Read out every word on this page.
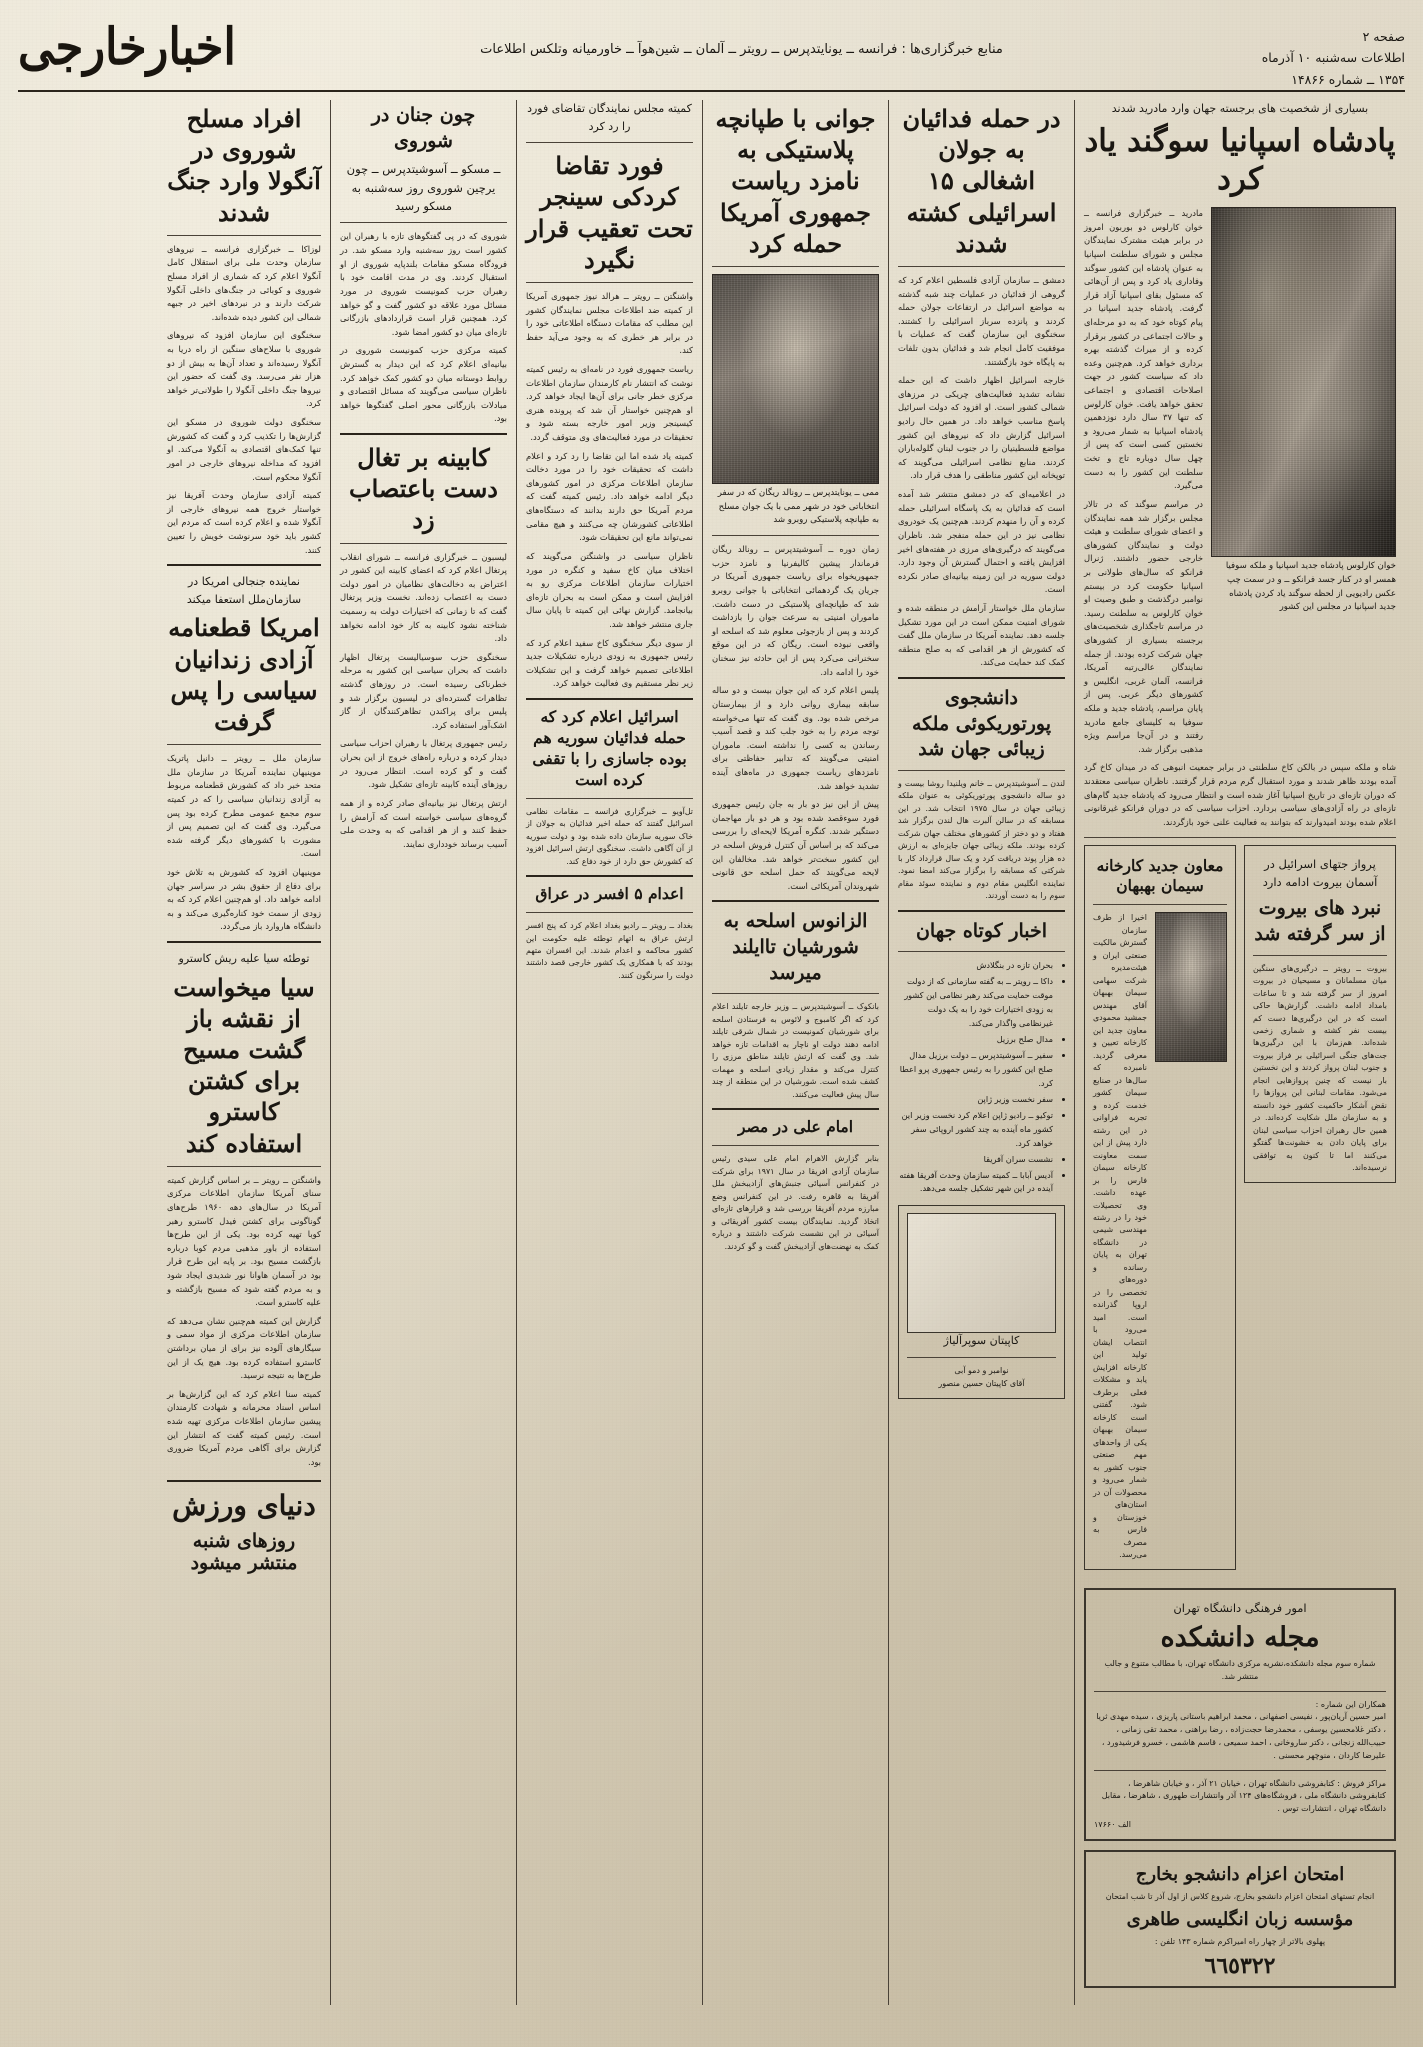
صفحه ۲
اطلاعات سه‌شنبه ۱۰ آذرماه
۱۳۵۴ ــ شماره ۱۴۸۶۶
منابع خبرگزاری‌ها : فرانسه ــ یونایتدپرس ــ رویتر ــ آلمان ــ شین‌هوآ ــ خاورمیانه وتلکس اطلاعات
اخبارخارجی
بسیاری از شخصیت های برجسته جهان وارد مادرید شدند
پادشاه اسپانیا سوگند یاد کرد
خوان کارلوس پادشاه جدید اسپانیا و ملکه سوفیا همسر او در کنار جسد فرانکو ــ و در سمت چپ عکس رادیویی از لحظه سوگند یاد کردن پادشاه جدید اسپانیا در مجلس این کشور
مادرید ــ خبرگزاری فرانسه ــ خوان کارلوس دو بوربون امروز در برابر هیئت مشترک نمایندگان مجلس و شورای سلطنت اسپانیا به عنوان پادشاه این کشور سوگند وفاداری یاد کرد و پس از آن‌هائی که مسئول بقای اسپانیا آزاد قرار گرفت. پادشاه جدید اسپانیا در پیام کوتاه خود که به دو مرحله‌ای و حالات اجتماعی در کشور برقرار کرده و از میراث گذشته بهره برداری خواهد کرد. هم‌چنین وعده داد که سیاست کشور در جهت اصلاحات اقتصادی و اجتماعی تحقق خواهد یافت. خوان کارلوس که تنها ۳۷ سال دارد نوزدهمین پادشاه اسپانیا به شمار می‌رود و نخستین کسی است که پس از چهل سال دوباره تاج و تخت سلطنت این کشور را به دست می‌گیرد.
در مراسم سوگند که در تالار مجلس برگزار شد همه نمایندگان و اعضای شورای سلطنت و هیئت دولت و نمایندگان کشورهای خارجی حضور داشتند. ژنرال فرانکو که سال‌های طولانی بر اسپانیا حکومت کرد در بیستم نوامبر درگذشت و طبق وصیت او خوان کارلوس به سلطنت رسید. در مراسم تاجگذاری شخصیت‌های برجسته بسیاری از کشورهای جهان شرکت کرده بودند. از جمله نمایندگان عالی‌رتبه آمریکا، فرانسه، آلمان غربی، انگلیس و کشورهای دیگر عربی. پس از پایان مراسم، پادشاه جدید و ملکه سوفیا به کلیسای جامع مادرید رفتند و در آن‌جا مراسم ویژه مذهبی برگزار شد.
شاه و ملکه سپس در بالکن کاخ سلطنتی در برابر جمعیت انبوهی که در میدان کاخ گرد آمده بودند ظاهر شدند و مورد استقبال گرم مردم قرار گرفتند. ناظران سیاسی معتقدند که دوران تازه‌ای در تاریخ اسپانیا آغاز شده است و انتظار می‌رود که پادشاه جدید گام‌های تازه‌ای در راه آزادی‌های سیاسی بردارد. احزاب سیاسی که در دوران فرانکو غیرقانونی اعلام شده بودند امیدوارند که بتوانند به فعالیت علنی خود بازگردند.
پرواز جتهای اسرائیل در آسمان بیروت ادامه دارد
نبرد های بیروت از سر گرفته شد
بیروت ــ رویتر ــ درگیری‌های سنگین میان مسلمانان و مسیحیان در بیروت امروز از سر گرفته شد و تا ساعات بامداد ادامه داشت. گزارش‌ها حاکی است که در این درگیری‌ها دست کم بیست نفر کشته و شماری زخمی شده‌اند. هم‌زمان با این درگیری‌ها جت‌های جنگی اسرائیلی بر فراز بیروت و جنوب لبنان پرواز کردند و این نخستین بار نیست که چنین پروازهایی انجام می‌شود. مقامات لبنانی این پروازها را نقض آشکار حاکمیت کشور خود دانسته و به سازمان ملل شکایت کرده‌اند. در همین حال رهبران احزاب سیاسی لبنان برای پایان دادن به خشونت‌ها گفتگو می‌کنند اما تا کنون به توافقی نرسیده‌اند.
معاون جدید کارخانه سیمان بهبهان
اخیرا از طرف سازمان گسترش مالکیت صنعتی ایران و هیئت‌مدیره شرکت سهامی سیمان بهبهان آقای مهندس جمشید محمودی معاون جدید این کارخانه تعیین و معرفی گردید. نامبرده که سال‌ها در صنایع سیمان کشور خدمت کرده و تجربه فراوانی در این رشته دارد پیش از این سمت معاونت کارخانه سیمان فارس را بر عهده داشت. وی تحصیلات خود را در رشته مهندسی شیمی در دانشگاه تهران به پایان رسانده و دوره‌های تخصصی را در اروپا گذرانده است. امید می‌رود با انتصاب ایشان تولید این کارخانه افزایش یابد و مشکلات فعلی برطرف شود. گفتنی است کارخانه سیمان بهبهان یکی از واحدهای مهم صنعتی جنوب کشور به شمار می‌رود و محصولات آن در استان‌های خوزستان و فارس به مصرف می‌رسد.
امور فرهنگی دانشگاه تهران
مجله دانشکده
شماره سوم مجله دانشکده،نشریه مرکزی دانشگاه تهران، با مطالب متنوع و جالب منتشر شد.
همکاران این شماره :
امیر حسین آریان‌پور ، نفیسی اصفهانی ، محمد ابراهیم باستانی پاریزی ، سیده مهدی ثریا ، دکتر غلامحسین یوسفی ، محمدرضا حجت‌زاده ، رضا براهنی ، محمد تقی زمانی ، حبیب‌الله زنجانی ، دکتر ساروخانی ، احمد سمیعی ، قاسم هاشمی ، خسرو فرشیدورد ، علیرضا کاردان ، منوچهر محسنی .
مراکز فروش : کتابفروشی دانشگاه تهران ، خیابان ۲۱ آذر ، و خیابان شاهرضا ، کتابفروشی دانشگاه ملی ، فروشگاه‌های ۱۲۴ آذر وانتشارات طهوری ، شاهرضا ، مقابل دانشگاه تهران ، انتشارات توس .
الف ۱۷۶۶۰
امتحان اعزام دانشجو بخارج
انجام تستهای امتحان اعزام دانشجو بخارج، شروع کلاس از اول آذر تا شب امتحان
مؤسسه زبان انگلیسی طاهری
پهلوی بالاتر از چهار راه امیراکرم شماره ۱۴۳ تلفن :
٦٦٥٣٢٢
در حمله فدائیان به جولان اشغالی ۱۵ اسرائیلی کشته شدند
دمشق ــ سازمان آزادی فلسطین اعلام کرد که گروهی از فدائیان در عملیات چند شبه گذشته به مواضع اسرائیل در ارتفاعات جولان حمله کردند و پانزده سرباز اسرائیلی را کشتند. سخنگوی این سازمان گفت که عملیات با موفقیت کامل انجام شد و فدائیان بدون تلفات به پایگاه خود بازگشتند.
خارجه اسرائیل اظهار داشت که این حمله نشانه تشدید فعالیت‌های چریکی در مرزهای شمالی کشور است. او افزود که دولت اسرائیل پاسخ مناسب خواهد داد. در همین حال رادیو اسرائیل گزارش داد که نیروهای این کشور مواضع فلسطینیان را در جنوب لبنان گلوله‌باران کردند. منابع نظامی اسرائیلی می‌گویند که توپخانه این کشور مناطقی را هدف قرار داد.
در اعلامیه‌ای که در دمشق منتشر شد آمده است که فدائیان به یک پاسگاه اسرائیلی حمله کرده و آن را منهدم کردند. هم‌چنین یک خودروی نظامی نیز در این حمله منفجر شد. ناظران می‌گویند که درگیری‌های مرزی در هفته‌های اخیر افزایش یافته و احتمال گسترش آن وجود دارد. دولت سوریه در این زمینه بیانیه‌ای صادر نکرده است.
سازمان ملل خواستار آرامش در منطقه شده و شورای امنیت ممکن است در این مورد تشکیل جلسه دهد. نماینده آمریکا در سازمان ملل گفت که کشورش از هر اقدامی که به صلح منطقه کمک کند حمایت می‌کند.
دانشجوی پورتوریکوئی ملکه زیبائی جهان شد
لندن ــ آسوشیتدپرس ــ خانم ویلنیدا روشا بیست و دو ساله دانشجوی پورتوریکوئی به عنوان ملکه زیبائی جهان در سال ۱۹۷۵ انتخاب شد. در این مسابقه که در سالن آلبرت هال لندن برگزار شد هفتاد و دو دختر از کشورهای مختلف جهان شرکت کرده بودند. ملکه زیبائی جهان جایزه‌ای به ارزش ده هزار پوند دریافت کرد و یک سال قرارداد کار با شرکتی که مسابقه را برگزار می‌کند امضا نمود. نماینده انگلیس مقام دوم و نماینده سوئد مقام سوم را به دست آوردند.
اخبار کوتاه جهان
• بحران تازه در بنگلادش
• داکا ــ رویتر ــ به گفته سازمانی که از دولت موقت حمایت می‌کند رهبر نظامی این کشور به زودی اختیارات خود را به یک دولت غیرنظامی واگذار می‌کند.
• مدال صلح برزیل
• سفیر ــ آسوشیتدپرس ــ دولت برزیل مدال صلح این کشور را به رئیس جمهوری پرو اعطا کرد.
• سفر نخست وزیر ژاپن
• توکیو ــ رادیو ژاپن اعلام کرد نخست وزیر این کشور ماه آینده به چند کشور اروپائی سفر خواهد کرد.
• نشست سران آفریقا
• آدیس آبابا ــ کمیته سازمان وحدت آفریقا هفته آینده در این شهر تشکیل جلسه می‌دهد.
کاپیتان سوپرآلیاژ
نوامبر و دمو آبی
آقای کاپیتان حسین منصور
جوانی با طپانچه پلاستیکی به نامزد ریاست جمهوری آمریکا حمله کرد
ممی ــ یونایتدپرس ــ رونالد ریگان که در سفر انتخاباتی خود در شهر ممی با یک جوان مسلح به طپانچه پلاستیکی روبرو شد
زمان دوره ــ آسوشیتدپرس ــ رونالد ریگان فرماندار پیشین کالیفرنیا و نامزد حزب جمهوریخواه برای ریاست جمهوری آمریکا در جریان یک گردهمائی انتخاباتی با جوانی روبرو شد که طپانچه‌ای پلاستیکی در دست داشت. ماموران امنیتی به سرعت جوان را بازداشت کردند و پس از بازجوئی معلوم شد که اسلحه او واقعی نبوده است. ریگان که در این موقع سخنرانی می‌کرد پس از این حادثه نیز سخنان خود را ادامه داد.
پلیس اعلام کرد که این جوان بیست و دو ساله سابقه بیماری روانی دارد و از بیمارستان مرخص شده بود. وی گفت که تنها می‌خواسته توجه مردم را به خود جلب کند و قصد آسیب رساندن به کسی را نداشته است. ماموران امنیتی می‌گویند که تدابیر حفاظتی برای نامزدهای ریاست جمهوری در ماه‌های آینده تشدید خواهد شد.
پیش از این نیز دو بار به جان رئیس جمهوری فورد سوءقصد شده بود و هر دو بار مهاجمان دستگیر شدند. کنگره آمریکا لایحه‌ای را بررسی می‌کند که بر اساس آن کنترل فروش اسلحه در این کشور سخت‌تر خواهد شد. مخالفان این لایحه می‌گویند که حمل اسلحه حق قانونی شهروندان آمریکائی است.
الزانوس اسلحه به شورشیان تاایلند میرسد
بانکوک ــ آسوشیتدپرس ــ وزیر خارجه تایلند اعلام کرد که اگر کامبوج و لائوس به فرستادن اسلحه برای شورشیان کمونیست در شمال شرقی تایلند ادامه دهند دولت او ناچار به اقدامات تازه خواهد شد. وی گفت که ارتش تایلند مناطق مرزی را کنترل می‌کند و مقدار زیادی اسلحه و مهمات کشف شده است. شورشیان در این منطقه از چند سال پیش فعالیت می‌کنند.
امام علی در مصر
بنابر گزارش الاهرام امام علی سیدی رئیس سازمان آزادی افریقا در سال ۱۹۷۱ برای شرکت در کنفرانس آسیائی جنبش‌های آزادیبخش ملل آفریقا به قاهره رفت. در این کنفرانس وضع مبارزه مردم آفریقا بررسی شد و قرارهای تازه‌ای اتخاذ گردید. نمایندگان بیست کشور آفریقائی و آسیائی در این نشست شرکت داشتند و درباره کمک به نهضت‌های آزادیبخش گفت و گو کردند.
کمیته مجلس نمایندگان تقاضای فورد را رد کرد
فورد تقاضا کردکی سینجر تحت تعقیب قرار نگیرد
واشنگتن ــ رویتر ــ هرالد نیوز جمهوری آمریکا از کمیته ضد اطلاعات مجلس نمایندگان کشور این مطلب که مقامات دستگاه اطلاعاتی خود را در برابر هر خطری که به وجود می‌آید حفظ کند.
ریاست جمهوری فورد در نامه‌ای به رئیس کمیته نوشت که انتشار نام کارمندان سازمان اطلاعات مرکزی خطر جانی برای آن‌ها ایجاد خواهد کرد. او هم‌چنین خواستار آن شد که پرونده هنری کیسینجر وزیر امور خارجه بسته شود و تحقیقات در مورد فعالیت‌های وی متوقف گردد.
کمیته یاد شده اما این تقاضا را رد کرد و اعلام داشت که تحقیقات خود را در مورد دخالت سازمان اطلاعات مرکزی در امور کشورهای دیگر ادامه خواهد داد. رئیس کمیته گفت که مردم آمریکا حق دارند بدانند که دستگاه‌های اطلاعاتی کشورشان چه می‌کنند و هیچ مقامی نمی‌تواند مانع این تحقیقات شود.
ناظران سیاسی در واشنگتن می‌گویند که اختلاف میان کاخ سفید و کنگره در مورد اختیارات سازمان اطلاعات مرکزی رو به افزایش است و ممکن است به بحران تازه‌ای بیانجامد. گزارش نهائی این کمیته تا پایان سال جاری منتشر خواهد شد.
از سوی دیگر سخنگوی کاخ سفید اعلام کرد که رئیس جمهوری به زودی درباره تشکیلات جدید اطلاعاتی تصمیم خواهد گرفت و این تشکیلات زیر نظر مستقیم وی فعالیت خواهد کرد.
اسرائیل اعلام کرد که حمله فدائیان سوریه هم بوده جاسازی را با تقفی کرده است
تل‌آویو ــ خبرگزاری فرانسه ــ مقامات نظامی اسرائیل گفتند که حمله اخیر فدائیان به جولان از خاک سوریه سازمان داده شده بود و دولت سوریه از آن آگاهی داشت. سخنگوی ارتش اسرائیل افزود که کشورش حق دارد از خود دفاع کند.
اعدام ۵ افسر در عراق
بغداد ــ رویتر ــ رادیو بغداد اعلام کرد که پنج افسر ارتش عراق به اتهام توطئه علیه حکومت این کشور محاکمه و اعدام شدند. این افسران متهم بودند که با همکاری یک کشور خارجی قصد داشتند دولت را سرنگون کنند.
چون جنان در شوروی
ــ مسکو ــ آسوشیتدپرس ــ چون یرچین شوروی روز سه‌شنبه به مسکو رسید
شوروی که در پی گفتگوهای تازه با رهبران این کشور است روز سه‌شنبه وارد مسکو شد. در فرودگاه مسکو مقامات بلندپایه شوروی از او استقبال کردند. وی در مدت اقامت خود با رهبران حزب کمونیست شوروی در مورد مسائل مورد علاقه دو کشور گفت و گو خواهد کرد. همچنین قرار است قراردادهای بازرگانی تازه‌ای میان دو کشور امضا شود.
کمیته مرکزی حزب کمونیست شوروی در بیانیه‌ای اعلام کرد که این دیدار به گسترش روابط دوستانه میان دو کشور کمک خواهد کرد. ناظران سیاسی می‌گویند که مسائل اقتصادی و مبادلات بازرگانی محور اصلی گفتگوها خواهد بود.
کابینه بر تغال دست باعتصاب زد
لیسبون ــ خبرگزاری فرانسه ــ شورای انقلاب پرتغال اعلام کرد که اعضای کابینه این کشور در اعتراض به دخالت‌های نظامیان در امور دولت دست به اعتصاب زده‌اند. نخست وزیر پرتغال گفت که تا زمانی که اختیارات دولت به رسمیت شناخته نشود کابینه به کار خود ادامه نخواهد داد.
سخنگوی حزب سوسیالیست پرتغال اظهار داشت که بحران سیاسی این کشور به مرحله خطرناکی رسیده است. در روزهای گذشته تظاهرات گسترده‌ای در لیسبون برگزار شد و پلیس برای پراکندن تظاهرکنندگان از گاز اشک‌آور استفاده کرد.
رئیس جمهوری پرتغال با رهبران احزاب سیاسی دیدار کرده و درباره راه‌های خروج از این بحران گفت و گو کرده است. انتظار می‌رود در روزهای آینده کابینه تازه‌ای تشکیل شود.
ارتش پرتغال نیز بیانیه‌ای صادر کرده و از همه گروه‌های سیاسی خواسته است که آرامش را حفظ کنند و از هر اقدامی که به وحدت ملی آسیب برساند خودداری نمایند.
افراد مسلح شوروی در آنگولا وارد جنگ شدند
لوزاکا ــ خبرگزاری فرانسه ــ نیروهای سازمان وحدت ملی برای استقلال کامل آنگولا اعلام کرد که شماری از افراد مسلح شوروی و کوبائی در جنگ‌های داخلی آنگولا شرکت دارند و در نبردهای اخیر در جبهه شمالی این کشور دیده شده‌اند.
سخنگوی این سازمان افزود که نیروهای شوروی با سلاح‌های سنگین از راه دریا به آنگولا رسیده‌اند و تعداد آن‌ها به بیش از دو هزار نفر می‌رسد. وی گفت که حضور این نیروها جنگ داخلی آنگولا را طولانی‌تر خواهد کرد.
سخنگوی دولت شوروی در مسکو این گزارش‌ها را تکذیب کرد و گفت که کشورش تنها کمک‌های اقتصادی به آنگولا می‌کند. او افزود که مداخله نیروهای خارجی در امور آنگولا محکوم است.
کمیته آزادی سازمان وحدت آفریقا نیز خواستار خروج همه نیروهای خارجی از آنگولا شده و اعلام کرده است که مردم این کشور باید خود سرنوشت خویش را تعیین کنند.
نماینده جنجالی امریکا در سازمان‌ملل استعفا میکند
امریکا قطعنامه آزادی زندانیان سیاسی را پس گرفت
سازمان ملل ــ رویتر ــ دانیل پاتریک موینیهان نماینده آمریکا در سازمان ملل متحد خبر داد که کشورش قطعنامه مربوط به آزادی زندانیان سیاسی را که در کمیته سوم مجمع عمومی مطرح کرده بود پس می‌گیرد. وی گفت که این تصمیم پس از مشورت با کشورهای دیگر گرفته شده است.
موینیهان افزود که کشورش به تلاش خود برای دفاع از حقوق بشر در سراسر جهان ادامه خواهد داد. او هم‌چنین اعلام کرد که به زودی از سمت خود کناره‌گیری می‌کند و به دانشگاه هاروارد باز می‌گردد.
توطئه سیا علیه ریش کاسترو
سیا میخواست از نقشه باز گشت مسیح برای کشتن کاسترو استفاده کند
واشنگتن ــ رویتر ــ بر اساس گزارش کمیته سنای آمریکا سازمان اطلاعات مرکزی آمریکا در سال‌های دهه ۱۹۶۰ طرح‌های گوناگونی برای کشتن فیدل کاسترو رهبر کوبا تهیه کرده بود. یکی از این طرح‌ها استفاده از باور مذهبی مردم کوبا درباره بازگشت مسیح بود. بر پایه این طرح قرار بود در آسمان هاوانا نور شدیدی ایجاد شود و به مردم گفته شود که مسیح بازگشته و علیه کاسترو است.
گزارش این کمیته هم‌چنین نشان می‌دهد که سازمان اطلاعات مرکزی از مواد سمی و سیگارهای آلوده نیز برای از میان برداشتن کاسترو استفاده کرده بود. هیچ یک از این طرح‌ها به نتیجه نرسید.
کمیته سنا اعلام کرد که این گزارش‌ها بر اساس اسناد محرمانه و شهادت کارمندان پیشین سازمان اطلاعات مرکزی تهیه شده است. رئیس کمیته گفت که انتشار این گزارش برای آگاهی مردم آمریکا ضروری بود.
دنیای ورزش
روزهای شنبه منتشر میشود
